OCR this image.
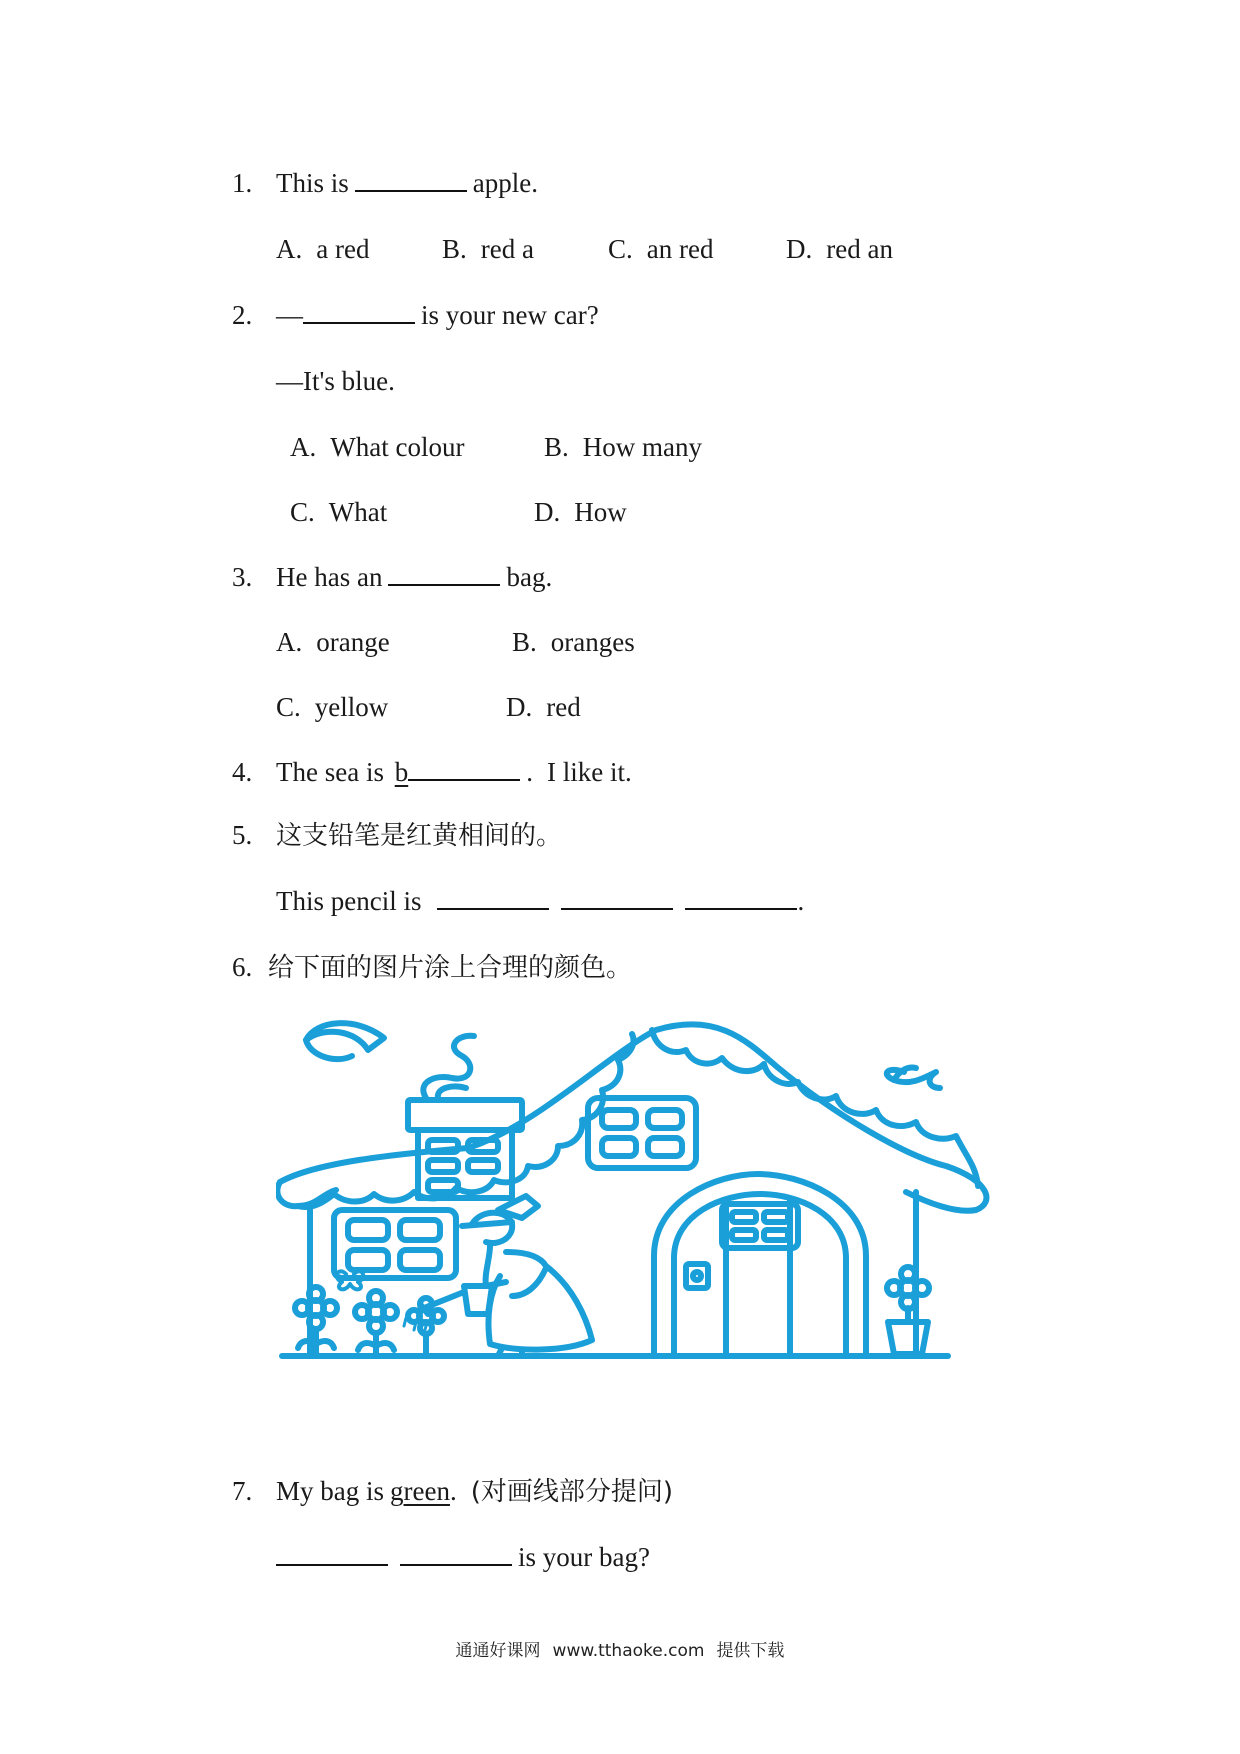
1. This is	apple.
A. a red	B. red a	C. an red	D. red an
2. —	is your new car?
—It's blue.
A. What colour	B. How many
C. What	D. How
3. He has an	bag.
A. orange	B. oranges
C. yellow	D. red
4. The sea is b	. I like it.
5. 这支铅笔是红黄相间的。
This pencil is	.
6. 给下面的图片涂上合理的颜色。
7. My bag is green. (对画线部分提问)
is your bag?
通通好课网 www.tthaoke.com 提供下载
